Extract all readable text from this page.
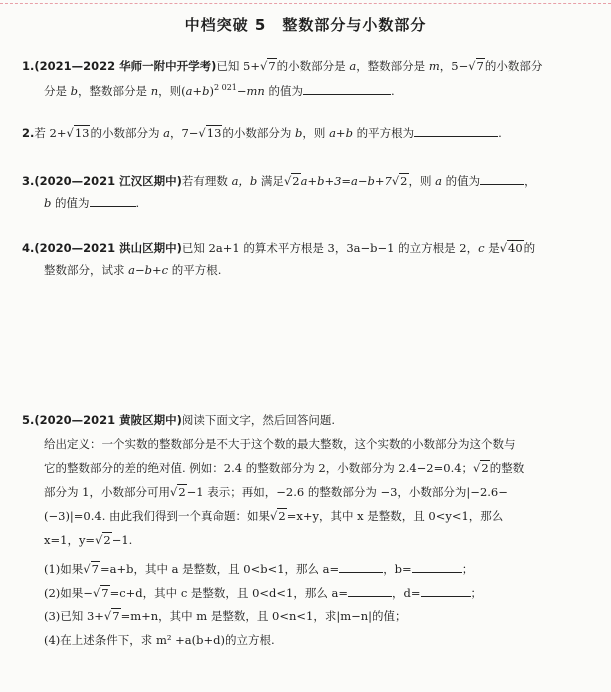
中档突破 5　整数部分与小数部分
1.(2021—2022 华师一附中开学考)已知 5+√7的小数部分是 a，整数部分是 m，5−√7的小数部分
分是 b，整数部分是 n，则$(a+b)^{2 021}-mn$ 的值为	.
2.若 2+√13的小数部分为 a，7−√13的小数部分为 b，则 a+b 的平方根为	.
3.(2020—2021 江汉区期中)若有理数 a，b 满足√2a+b+3=a−b+7√2，则 a 的值为	，
b 的值为	.
4.(2020—2021 洪山区期中)已知 2a+1 的算术平方根是 3，3a−b−1 的立方根是 2，c 是√40的
整数部分，试求 a−b+c 的平方根.
5.(2020—2021 黄陂区期中)阅读下面文字，然后回答问题.
给出定义：一个实数的整数部分是不大于这个数的最大整数，这个实数的小数部分为这个数与
它的整数部分的差的绝对值. 例如：2.4 的整数部分为 2，小数部分为 2.4−2=0.4；√2的整数
部分为 1，小数部分可用√2−1 表示；再如，−2.6 的整数部分为 −3，小数部分为|−2.6−
(−3)|=0.4. 由此我们得到一个真命题：如果√2=x+y，其中 x 是整数，且 0<y<1，那么
x=1，y=√2−1.
(1)如果√7=a+b，其中 a 是整数，且 0<b<1，那么 a=	，b=	；
(2)如果−√7=c+d，其中 c 是整数，且 0<d<1，那么 a=	，d=	；
(3)已知 3+√7=m+n，其中 m 是整数，且 0<n<1，求|m−n|的值；
(4)在上述条件下，求 m² +a(b+d)的立方根.
